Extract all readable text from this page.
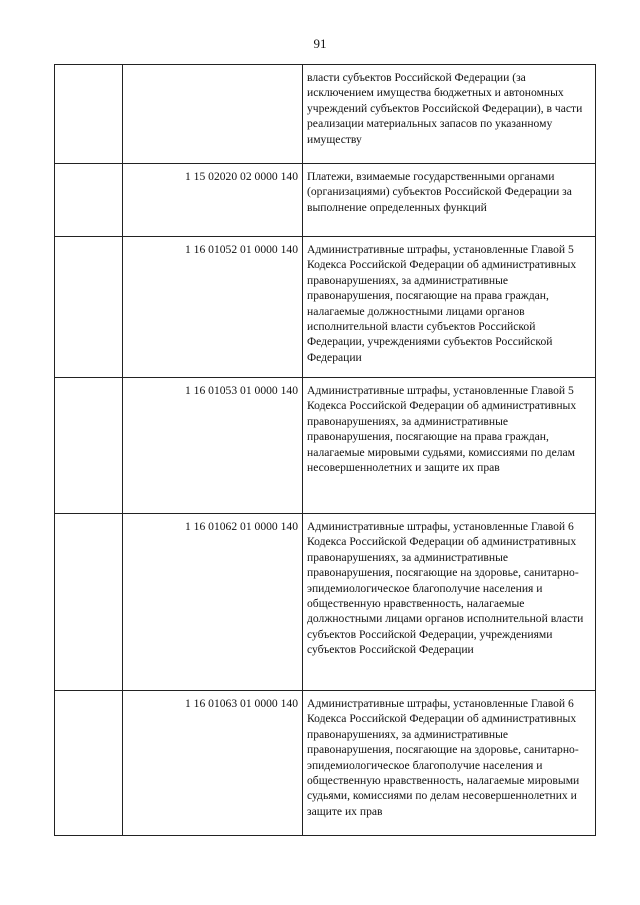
91
		власти субъектов Российской Федерации (за исключением имущества бюджетных и автономных учреждений субъектов Российской Федерации), в части реализации материальных запасов по указанному имуществу
	1 15 02020 02 0000 140	Платежи, взимаемые государственными органами (организациями) субъектов Российской Федерации за выполнение определенных функций
	1 16 01052 01 0000 140	Административные штрафы, установленные Главой 5 Кодекса Российской Федерации об административных правонарушениях, за административные правонарушения, посягающие на права граждан, налагаемые должностными лицами органов исполнительной власти субъектов Российской Федерации, учреждениями субъектов Российской Федерации
	1 16 01053 01 0000 140	Административные штрафы, установленные Главой 5 Кодекса Российской Федерации об административных правонарушениях, за административные правонарушения, посягающие на права граждан, налагаемые мировыми судьями, комиссиями по делам несовершеннолетних и защите их прав
	1 16 01062 01 0000 140	Административные штрафы, установленные Главой 6 Кодекса Российской Федерации об административных правонарушениях, за административные правонарушения, посягающие на здоровье, санитарно-эпидемиологическое благополучие населения и общественную нравственность, налагаемые должностными лицами органов исполнительной власти субъектов Российской Федерации, учреждениями субъектов Российской Федерации
	1 16 01063 01 0000 140	Административные штрафы, установленные Главой 6 Кодекса Российской Федерации об административных правонарушениях, за административные правонарушения, посягающие на здоровье, санитарно-эпидемиологическое благополучие населения и общественную нравственность, налагаемые мировыми судьями, комиссиями по делам несовершеннолетних и защите их прав
